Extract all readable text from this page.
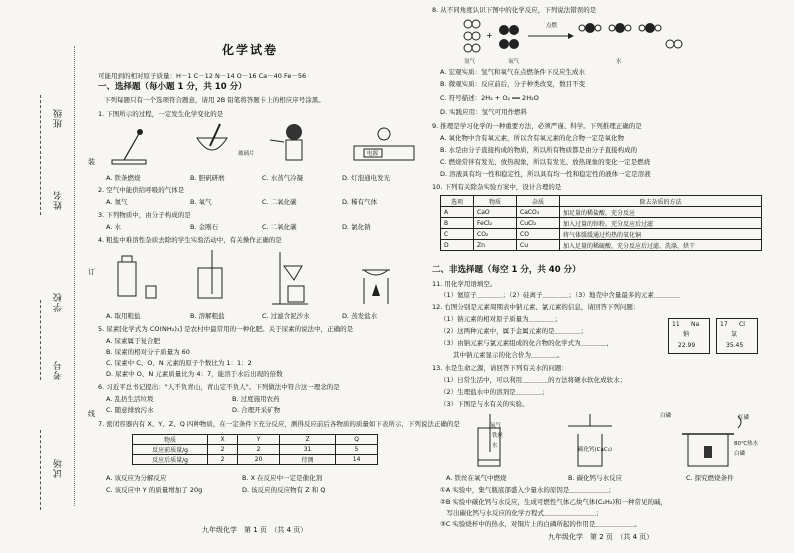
班级
姓名
学校
考号
试场
装
订
线
化学试卷
可能用到的相对原子质量：H－1 C－12 N－14 O－16 Ca－40 Fe－56
一、选择题（每小题 1 分，共 10 分）
下列每题只有一个选项符合题意，请用 2B 铅笔将答题卡上的相应序号涂黑。
1. 下图所示的过程，一定发生化学变化的是
玻璃片	电源
A. 铁条燃烧	B. 胆矾研磨	C. 水蒸气冷凝	D. 灯泡通电发光
2. 空气中能供给呼吸的气体是
A. 氮气	B. 氧气	C. 二氧化碳	D. 稀有气体
3. 下列物质中，由分子构成的是
A. 水	B. 金刚石	C. 二氧化碳	D. 氯化钠
4. 粗盐中难溶性杂质去除的学生实验活动中，有关操作正确的是
A. 取用粗盐	B. 溶解粗盐	C. 过滤含泥沙水	D. 蒸发盐水
5. 尿素[化学式为 CO(NH₂)₂] 是农村中最常用的一种化肥。关于尿素的说法中，正确的是
A. 尿素属于复合肥
B. 尿素的相对分子质量为 60
C. 尿素中 C、O、N 元素的原子个数比为 1：1：2
D. 尿素中 O、N 元素质量比为 4：7，能溶于水后出现的倍数
6. 习近平总书记提出："人不负青山，青山定不负人"。下列做法中符合这一理念的是
A. 乱扔生活垃圾	B. 过度施用农药
C. 随意排放污水	D. 合理开采矿物
7. 密闭容器内有 X、Y、Z、Q 四种物质，在一定条件下充分反应，测得反应前后各物质的质量如下表所示，下列说法正确的是
物质	X	Y	Z	Q
反应前质量/g	2	2	31	5
反应后质量/g	2	20	待测	14
A. 该反应为分解反应	B. X 在反应中一定是催化剂
C. 该反应中 Y 的质量增加了 20g	D. 该反应的反应物有 Z 和 Q
九年级化学　第 1 页　（共 4 页）
8. 从不同角度认识下图中的化学反应，下列说法错误的是
+
点燃
氢气	氧气	水
A. 宏观实质：氢气和氧气在点燃条件下反应生成水
B. 微观实质：反应前后，分子种类改变，数目不变
C. 符号描述：2H₂ + O₂ ══ 2H₂O
D. 实践应用：氢气可用作燃料
9. 推理是学习化学的一种重要方法，必须严谨、科学。下列推理正确的是
A. 氧化物中含有氧元素，所以含有氧元素的化合物一定是氧化物
B. 水是由分子直接构成的物质，所以所有物质都是由分子直接构成的
C. 燃烧常伴有发光、放热现象，所以有发光、放热现象的变化一定是燃烧
D. 溶液具有均一性和稳定性，所以具有均一性和稳定性的液体一定是溶液
10. 下列有关除杂实验方案中，设计合理的是
选项	物质	杂质	除去杂质的方法
A	CaO	CaCO₃	加足量的稀盐酸，充分反应
B	FeCl₂	CuCl₂	加入过量的锌粉，充分反应后过滤
C	CO₂	CO	将气体缓缓通过灼热的氧化铜
D	Zn	Cu	加入足量的稀硫酸，充分反应后过滤、洗涤、烘干
二、非选择题（每空 1 分，共 40 分）
11. 用化学用语填空。
（1）氦原子＿＿＿＿；（2）硅离子＿＿＿＿；（3）地壳中含量最多的元素＿＿＿＿
12. 右图分别是元素周期表中钠元素、氯元素的信息，请回答下列问题：
（1）钠元素的相对原子质量为＿＿＿＿；
（2）这两种元素中，属于金属元素的是＿＿＿＿；
（3）由钠元素与氯元素组成的化合物的化学式为＿＿＿＿，
　　其中钠元素显示的化合价为＿＿＿＿。
11 Na
钠
22.99
17 Cl
氯
35.45
13. 水是生命之源，请回答下列有关水的问题：
（1）日常生活中，可以利用＿＿＿＿的方法将硬水软化成软水；
（2）生理盐水中的溶剂是＿＿＿＿；
（3）下图是与水有关的实验。
氧气
铁丝
水
碳化钙(CaC₂)
白磷	红磷
80℃热水
白磷
A. 铁丝在氧气中燃烧	B. 碳化钙与水反应	C. 探究燃烧条件
①A 实验中，集气瓶底部盛入少量水的原因是＿＿＿＿＿＿；
②B 实验中碳化钙与水反应，生成可燃性气体乙炔气体(C₂H₂)和一种常见的碱，
　写出碳化钙与水反应的化学方程式＿＿＿＿＿＿＿＿；
③C 实验烧杯中的热水，对铜片上的白磷所起的作用是＿＿＿＿＿＿。
九年级化学　第 2 页　（共 4 页）
